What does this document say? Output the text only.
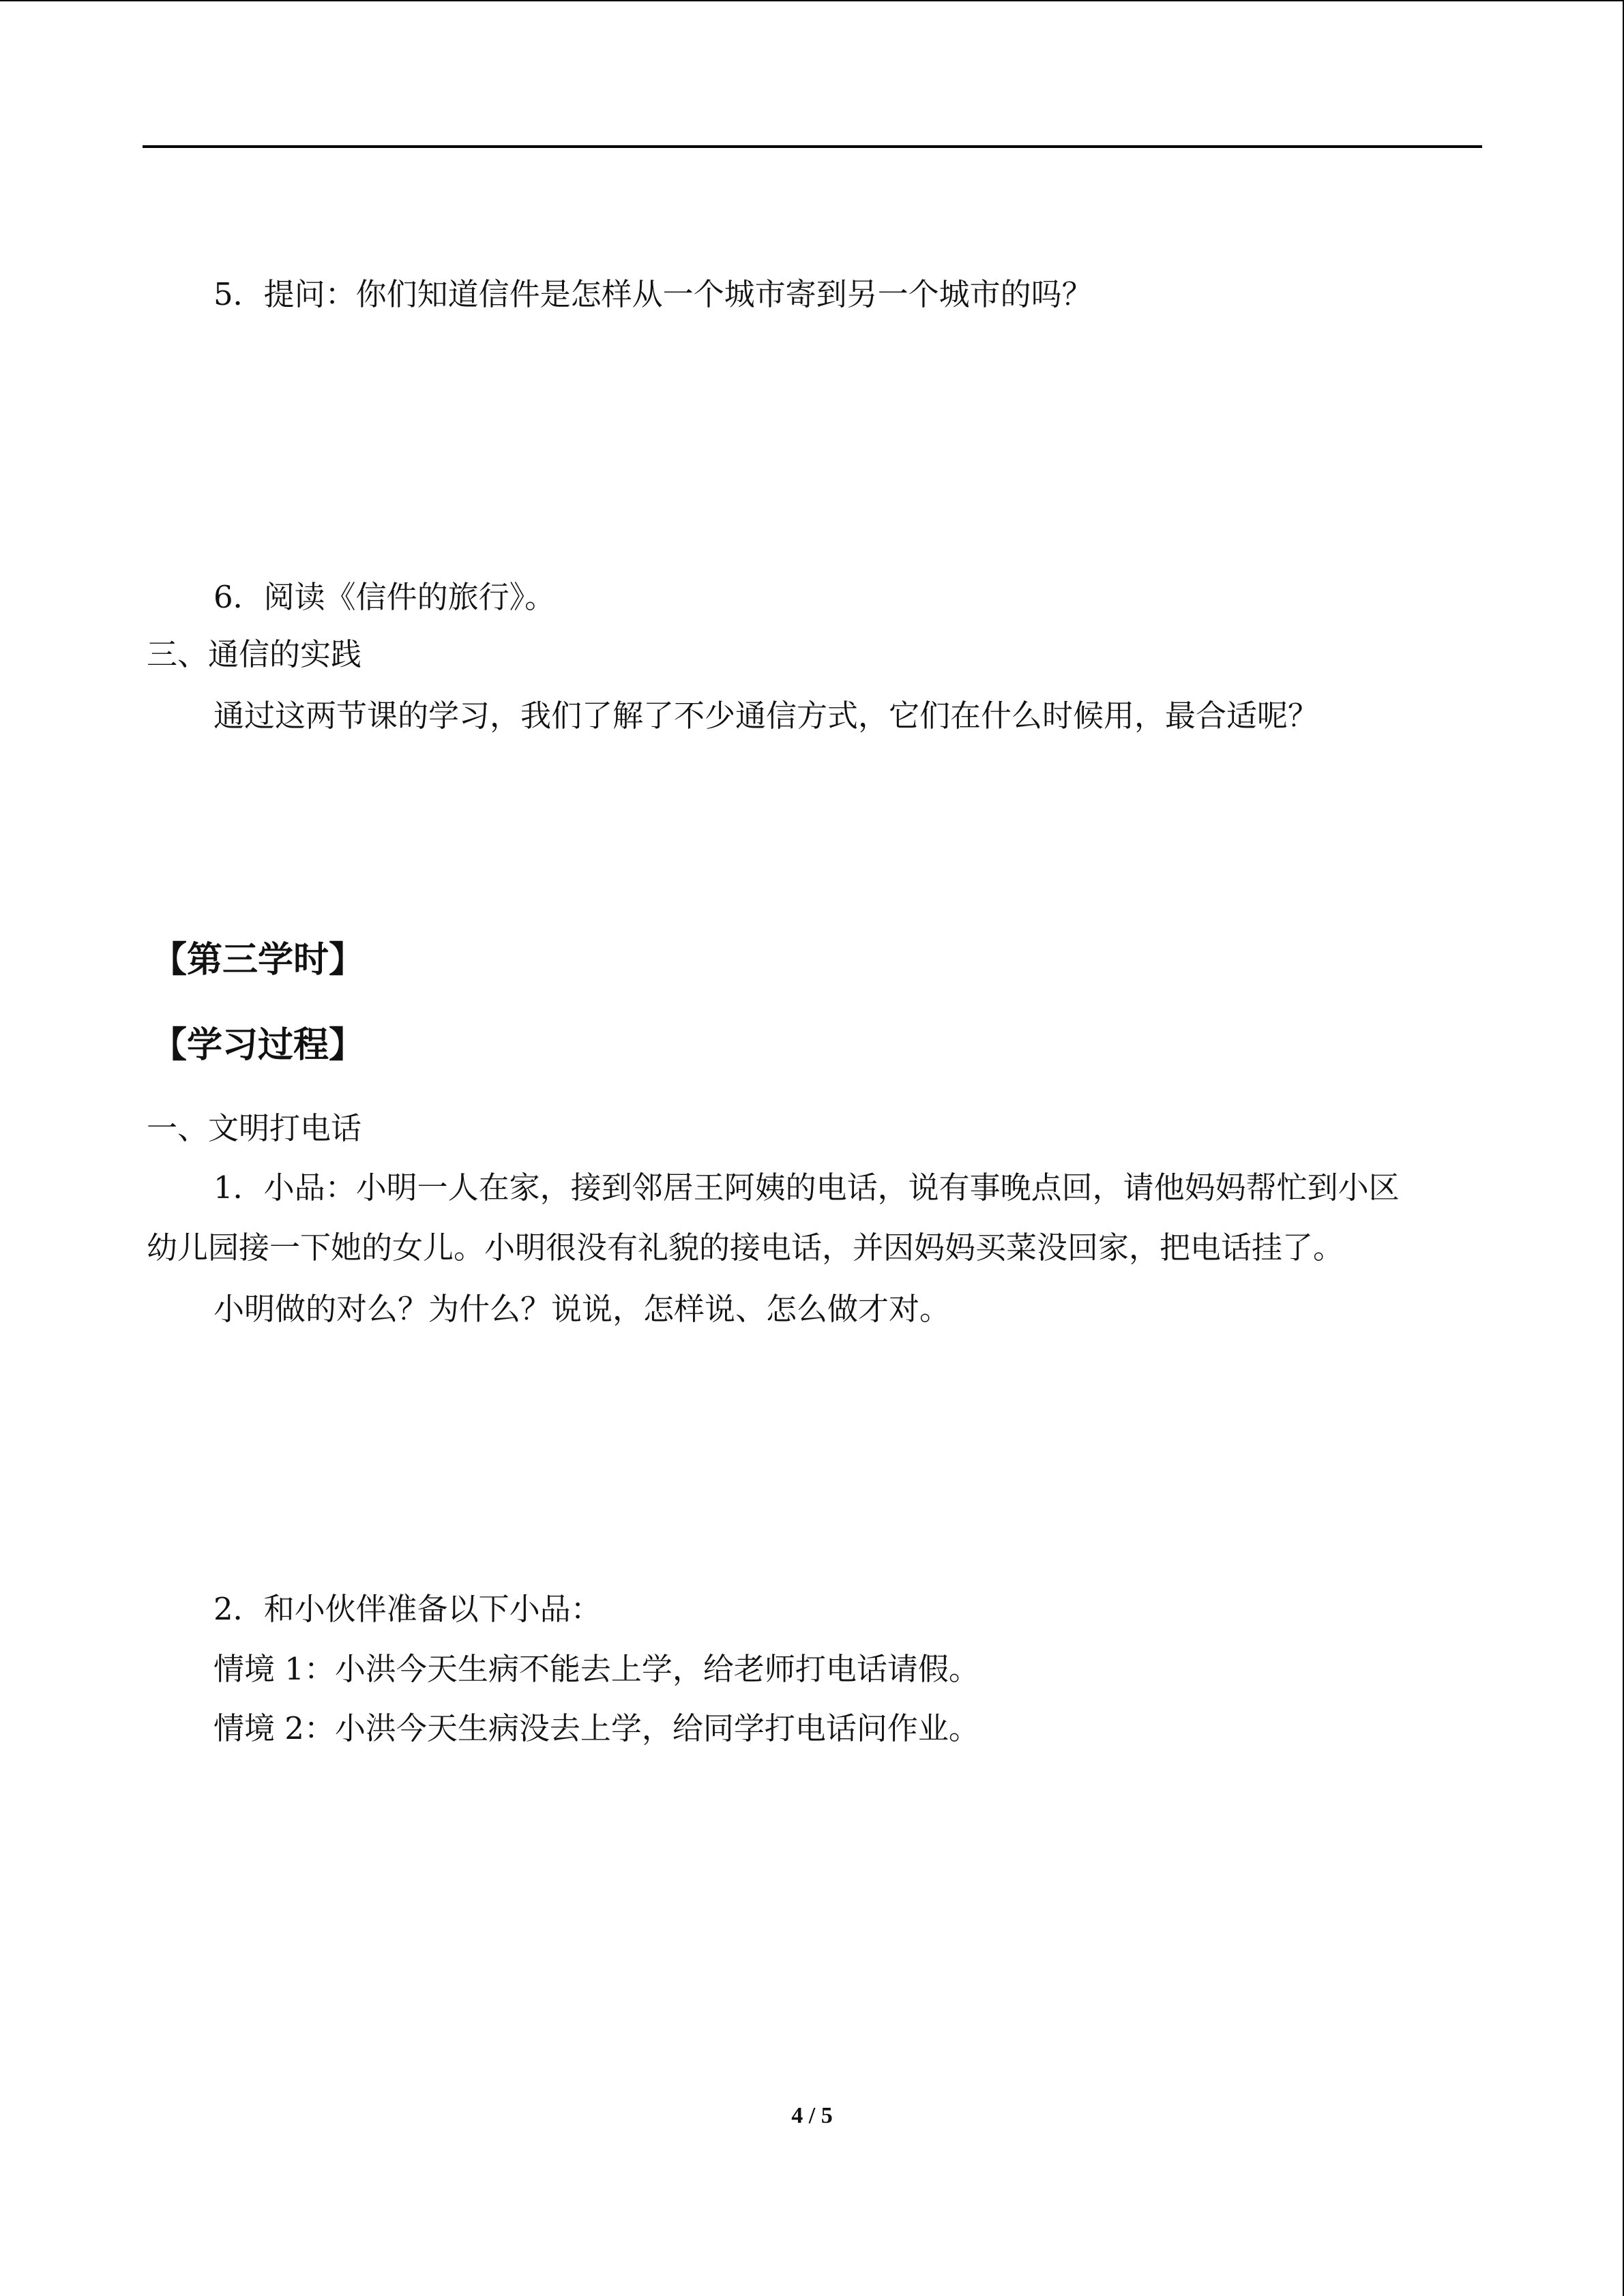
5．提问：你们知道信件是怎样从一个城市寄到另一个城市的吗？
6．阅读《信件的旅行》。
三、通信的实践
通过这两节课的学习，我们了解了不少通信方式，它们在什么时候用，最合适呢？
【第三学时】
【学习过程】
一、文明打电话
1．小品：小明一人在家，接到邻居王阿姨的电话，说有事晚点回，请他妈妈帮忙到小区
幼儿园接一下她的女儿。小明很没有礼貌的接电话，并因妈妈买菜没回家，把电话挂了。
小明做的对么？为什么？说说，怎样说、怎么做才对。
2．和小伙伴准备以下小品：
情境 1：小洪今天生病不能去上学，给老师打电话请假。
情境 2：小洪今天生病没去上学，给同学打电话问作业。
4 / 5
